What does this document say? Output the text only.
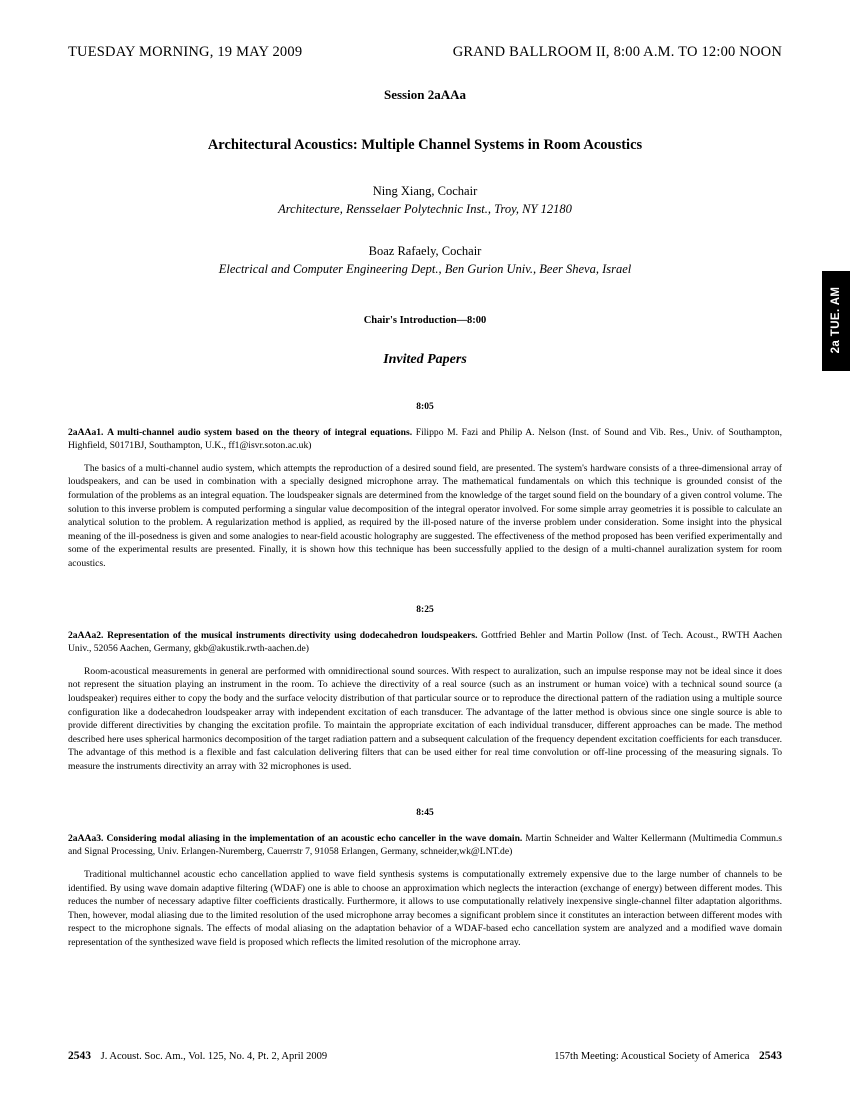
TUESDAY MORNING, 19 MAY 2009	GRAND BALLROOM II, 8:00 A.M. TO 12:00 NOON
Session 2aAAa
Architectural Acoustics: Multiple Channel Systems in Room Acoustics
Ning Xiang, Cochair
Architecture, Rensselaer Polytechnic Inst., Troy, NY 12180
Boaz Rafaely, Cochair
Electrical and Computer Engineering Dept., Ben Gurion Univ., Beer Sheva, Israel
Chair's Introduction—8:00
Invited Papers
8:05
2aAAa1. A multi-channel audio system based on the theory of integral equations. Filippo M. Fazi and Philip A. Nelson (Inst. of Sound and Vib. Res., Univ. of Southampton, Highfield, S0171BJ, Southampton, U.K., ff1@isvr.soton.ac.uk)
The basics of a multi-channel audio system, which attempts the reproduction of a desired sound field, are presented. The system's hardware consists of a three-dimensional array of loudspeakers, and can be used in combination with a specially designed microphone array. The mathematical fundamentals on which this technique is grounded consist of the formulation of the problems as an integral equation. The loudspeaker signals are determined from the knowledge of the target sound field on the boundary of a given control volume. The solution to this inverse problem is computed performing a singular value decomposition of the integral operator involved. For some simple array geometries it is possible to calculate an analytical solution to the problem. A regularization method is applied, as required by the ill-posed nature of the inverse problem under consideration. Some insight into the physical meaning of the ill-posedness is given and some analogies to near-field acoustic holography are suggested. The effectiveness of the method proposed has been verified experimentally and some of the experimental results are presented. Finally, it is shown how this technique has been successfully applied to the design of a multi-channel auralization system for room acoustics.
8:25
2aAAa2. Representation of the musical instruments directivity using dodecahedron loudspeakers. Gottfried Behler and Martin Pollow (Inst. of Tech. Acoust., RWTH Aachen Univ., 52056 Aachen, Germany, gkb@akustik.rwth-aachen.de)
Room-acoustical measurements in general are performed with omnidirectional sound sources. With respect to auralization, such an impulse response may not be ideal since it does not represent the situation playing an instrument in the room. To achieve the directivity of a real source (such as an instrument or human voice) with a technical sound source (a loudspeaker) requires either to copy the body and the surface velocity distribution of that particular source or to reproduce the directional pattern of the radiation using a multiple source configuration like a dodecahedron loudspeaker array with independent excitation of each transducer. The advantage of the latter method is obvious since one single source is able to provide different directivities by changing the excitation profile. To maintain the appropriate excitation of each individual transducer, different approaches can be made. The method described here uses spherical harmonics decomposition of the target radiation pattern and a subsequent calculation of the frequency dependent excitation coefficients for each transducer. The advantage of this method is a flexible and fast calculation delivering filters that can be used either for real time convolution or off-line processing of the measuring signals. To measure the instruments directivity an array with 32 microphones is used.
8:45
2aAAa3. Considering modal aliasing in the implementation of an acoustic echo canceller in the wave domain. Martin Schneider and Walter Kellermann (Multimedia Commun.s and Signal Processing, Univ. Erlangen-Nuremberg, Cauerrstr 7, 91058 Erlangen, Germany, schneider,wk@LNT.de)
Traditional multichannel acoustic echo cancellation applied to wave field synthesis systems is computationally extremely expensive due to the large number of channels to be identified. By using wave domain adaptive filtering (WDAF) one is able to choose an approximation which neglects the interaction (exchange of energy) between different modes. This reduces the number of necessary adaptive filter coefficients drastically. Furthermore, it allows to use computationally relatively inexpensive single-channel filter adaptation algorithms. Then, however, modal aliasing due to the limited resolution of the used microphone array becomes a significant problem since it constitutes an interaction between different modes with respect to the microphone signals. The effects of modal aliasing on the adaptation behavior of a WDAF-based echo cancellation system are analyzed and a modified wave domain representation of the synthesized wave field is proposed which reflects the limited resolution of the microphone array.
2a TUE. AM
2543 J. Acoust. Soc. Am., Vol. 125, No. 4, Pt. 2, April 2009	157th Meeting: Acoustical Society of America 2543
